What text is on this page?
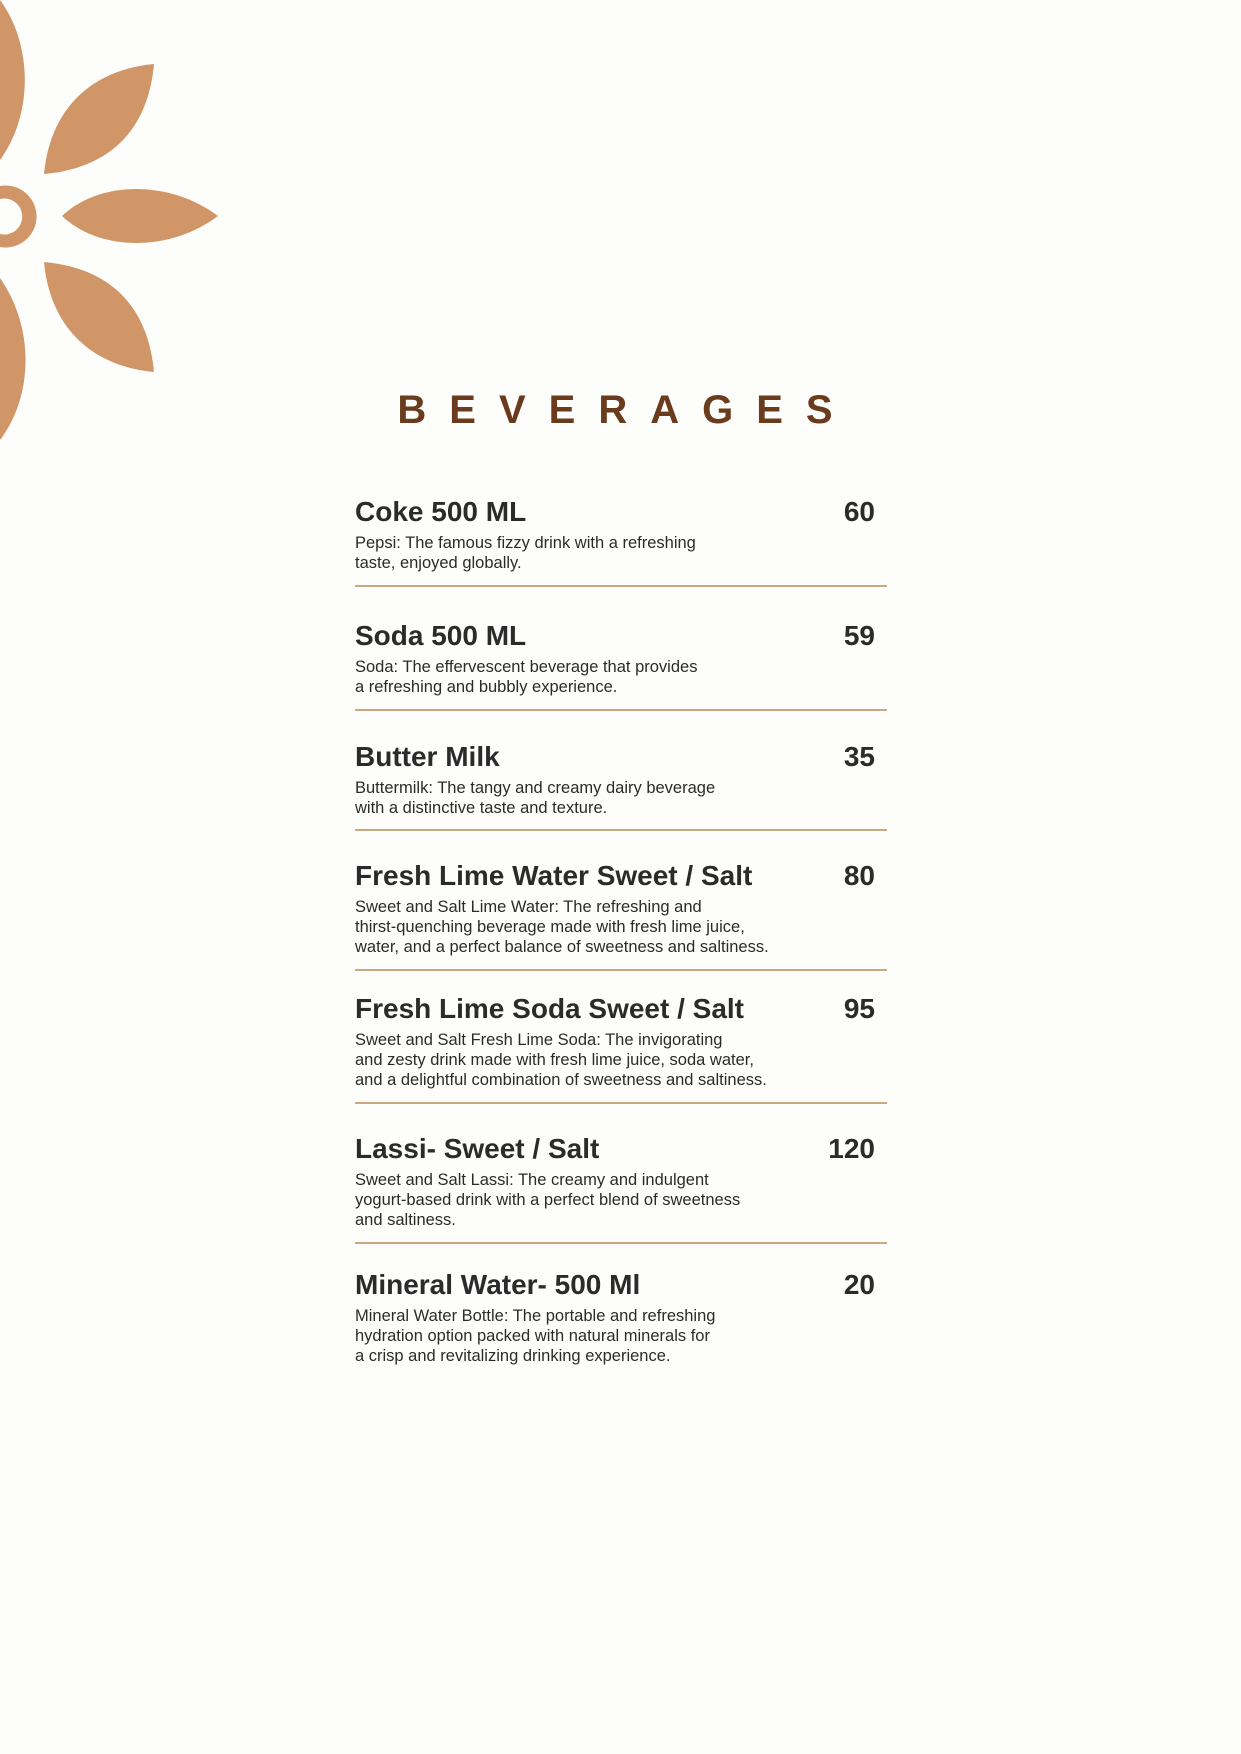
BEVERAGES
Coke 500 ML	60
Pepsi: The famous fizzy drink with a refreshing
taste, enjoyed globally.
Soda 500 ML	59
Soda: The effervescent beverage that provides
a refreshing and bubbly experience.
Butter Milk	35
Buttermilk: The tangy and creamy dairy beverage
with a distinctive taste and texture.
Fresh Lime Water Sweet / Salt	80
Sweet and Salt Lime Water: The refreshing and
thirst-quenching beverage made with fresh lime juice,
water, and a perfect balance of sweetness and saltiness.
Fresh Lime Soda Sweet / Salt	95
Sweet and Salt Fresh Lime Soda: The invigorating
and zesty drink made with fresh lime juice, soda water,
and a delightful combination of sweetness and saltiness.
Lassi- Sweet / Salt	120
Sweet and Salt Lassi: The creamy and indulgent
yogurt-based drink with a perfect blend of sweetness
and saltiness.
Mineral Water- 500 Ml	20
Mineral Water Bottle: The portable and refreshing
hydration option packed with natural minerals for
a crisp and revitalizing drinking experience.
